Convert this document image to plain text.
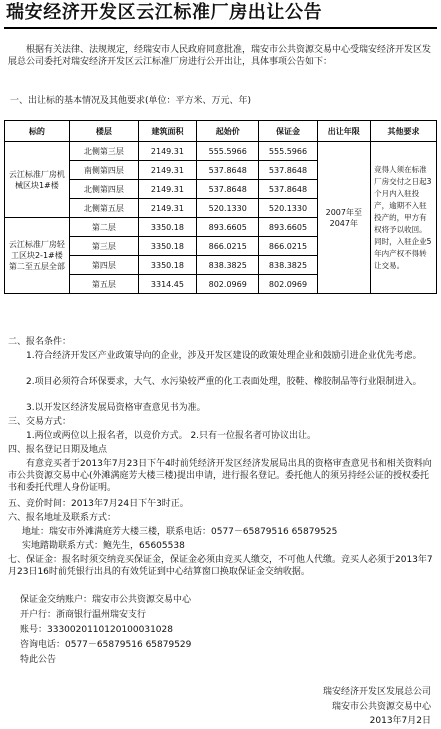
瑞安经济开发区云江标准厂房出让公告
根据有关法律、法规规定，经瑞安市人民政府同意批准，瑞安市公共资源交易中心受瑞安经济开发区发展总公司委托对瑞安经济开发区云江标准厂房进行公开出让，具体事项公告如下：
一、出让标的基本情况及其他要求(单位：平方米、万元、年)
标的	楼层	建筑面积	起始价	保证金	出让年限	其他要求
云江标准厂房机械区块1#楼	北侧第三层	2149.31	555.5966	555.5966	2007年至2047年	竞得人须在标准厂房交付之日起3个月内入驻投产，逾期不入驻投产的，甲方有权将予以收回。同时，入驻企业5年内产权不得转让交易。
	南侧第四层	2149.31	537.8648	537.8648		
	北侧第四层	2149.31	537.8648	537.8648		
	北侧第五层	2149.31	520.1330	520.1330		
云江标准厂房轻工区块2-1#楼第二至五层全部	第二层	3350.18	893.6605	893.6605		
	第三层	3350.18	866.0215	866.0215		
	第四层	3350.18	838.3825	838.3825		
	第五层	3314.45	802.0969	802.0969		
二、报名条件：
1.符合经济开发区产业政策导向的企业，涉及开发区建设的政策处理企业和鼓励引进企业优先考虑。
2.项目必须符合环保要求，大气、水污染较严重的化工表面处理，胶鞋、橡胶制品等行业限制进入。
3.以开发区经济发展局资格审查意见书为准。
三、交易方式：
1.两位或两位以上报名者，以竞价方式。 2.只有一位报名者可协议出让。
四、报名登记日期及地点
有意竞买者于2013年7月23日下午4时前凭经济开发区经济发展局出具的资格审查意见书和相关资料向市公共资源交易中心(外滩满庭芳大楼三楼)提出申请，进行报名登记。委托他人的须另持经公证的授权委托书和委托代理人身份证明。
五、竞价时间：2013年7月24日下午3时正。
六、报名地址及联系方式：
地址：瑞安市外滩满庭芳大楼三楼，联系电话：0577－65879516 65879525
实地踏勘联系方式：鲍先生，65605538
七、保证金：报名时须交纳竞买保证金，保证金必须由竞买人缴交，不可他人代缴。竞买人必须于2013年7月23日16时前凭银行出具的有效凭证到中心结算窗口换取保证金交纳收据。
保证金交纳账户：瑞安市公共资源交易中心
开户行：浙商银行温州瑞安支行
账号：3330020110120100031028
咨询电话：0577－65879516 65879529
特此公告
瑞安经济开发区发展总公司
瑞安市公共资源交易中心
2013年7月2日
